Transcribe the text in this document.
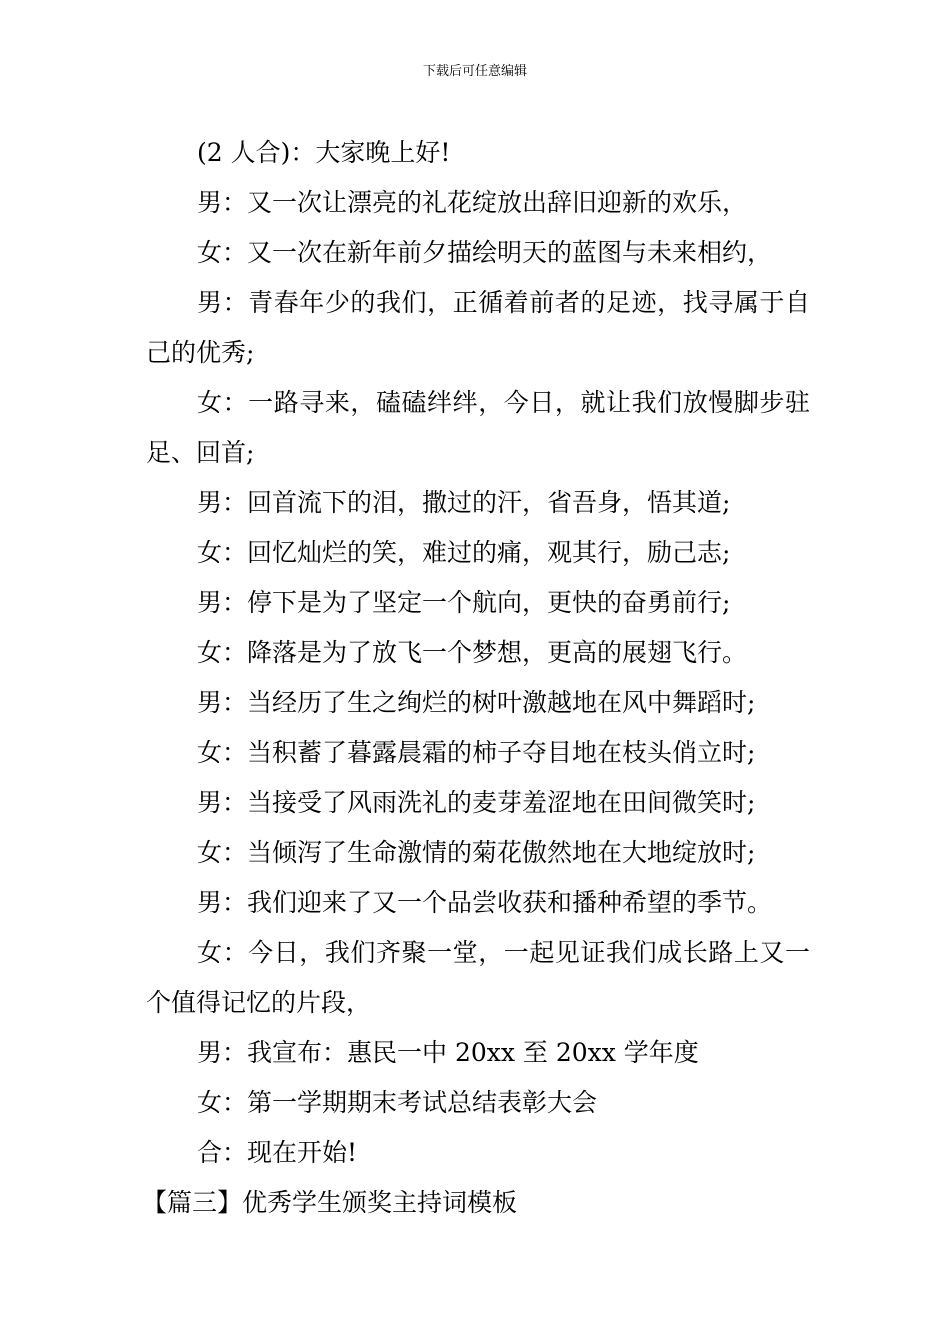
下载后可任意编辑

(2 人合)：大家晚上好!

男：又一次让漂亮的礼花绽放出辞旧迎新的欢乐，

女：又一次在新年前夕描绘明天的蓝图与未来相约，

男：青春年少的我们，正循着前者的足迹，找寻属于自己的优秀;

女：一路寻来，磕磕绊绊，今日，就让我们放慢脚步驻足、回首;

男：回首流下的泪，撒过的汗，省吾身，悟其道;

女：回忆灿烂的笑，难过的痛，观其行，励己志;

男：停下是为了坚定一个航向，更快的奋勇前行;

女：降落是为了放飞一个梦想，更高的展翅飞行。

男：当经历了生之绚烂的树叶激越地在风中舞蹈时;

女：当积蓄了暮露晨霜的柿子夺目地在枝头俏立时;

男：当接受了风雨洗礼的麦芽羞涩地在田间微笑时;

女：当倾泻了生命激情的菊花傲然地在大地绽放时;

男：我们迎来了又一个品尝收获和播种希望的季节。

女：今日，我们齐聚一堂，一起见证我们成长路上又一个值得记忆的片段，

男：我宣布：惠民一中 20xx 至 20xx 学年度

女：第一学期期末考试总结表彰大会

合：现在开始!

【篇三】优秀学生颁奖主持词模板
